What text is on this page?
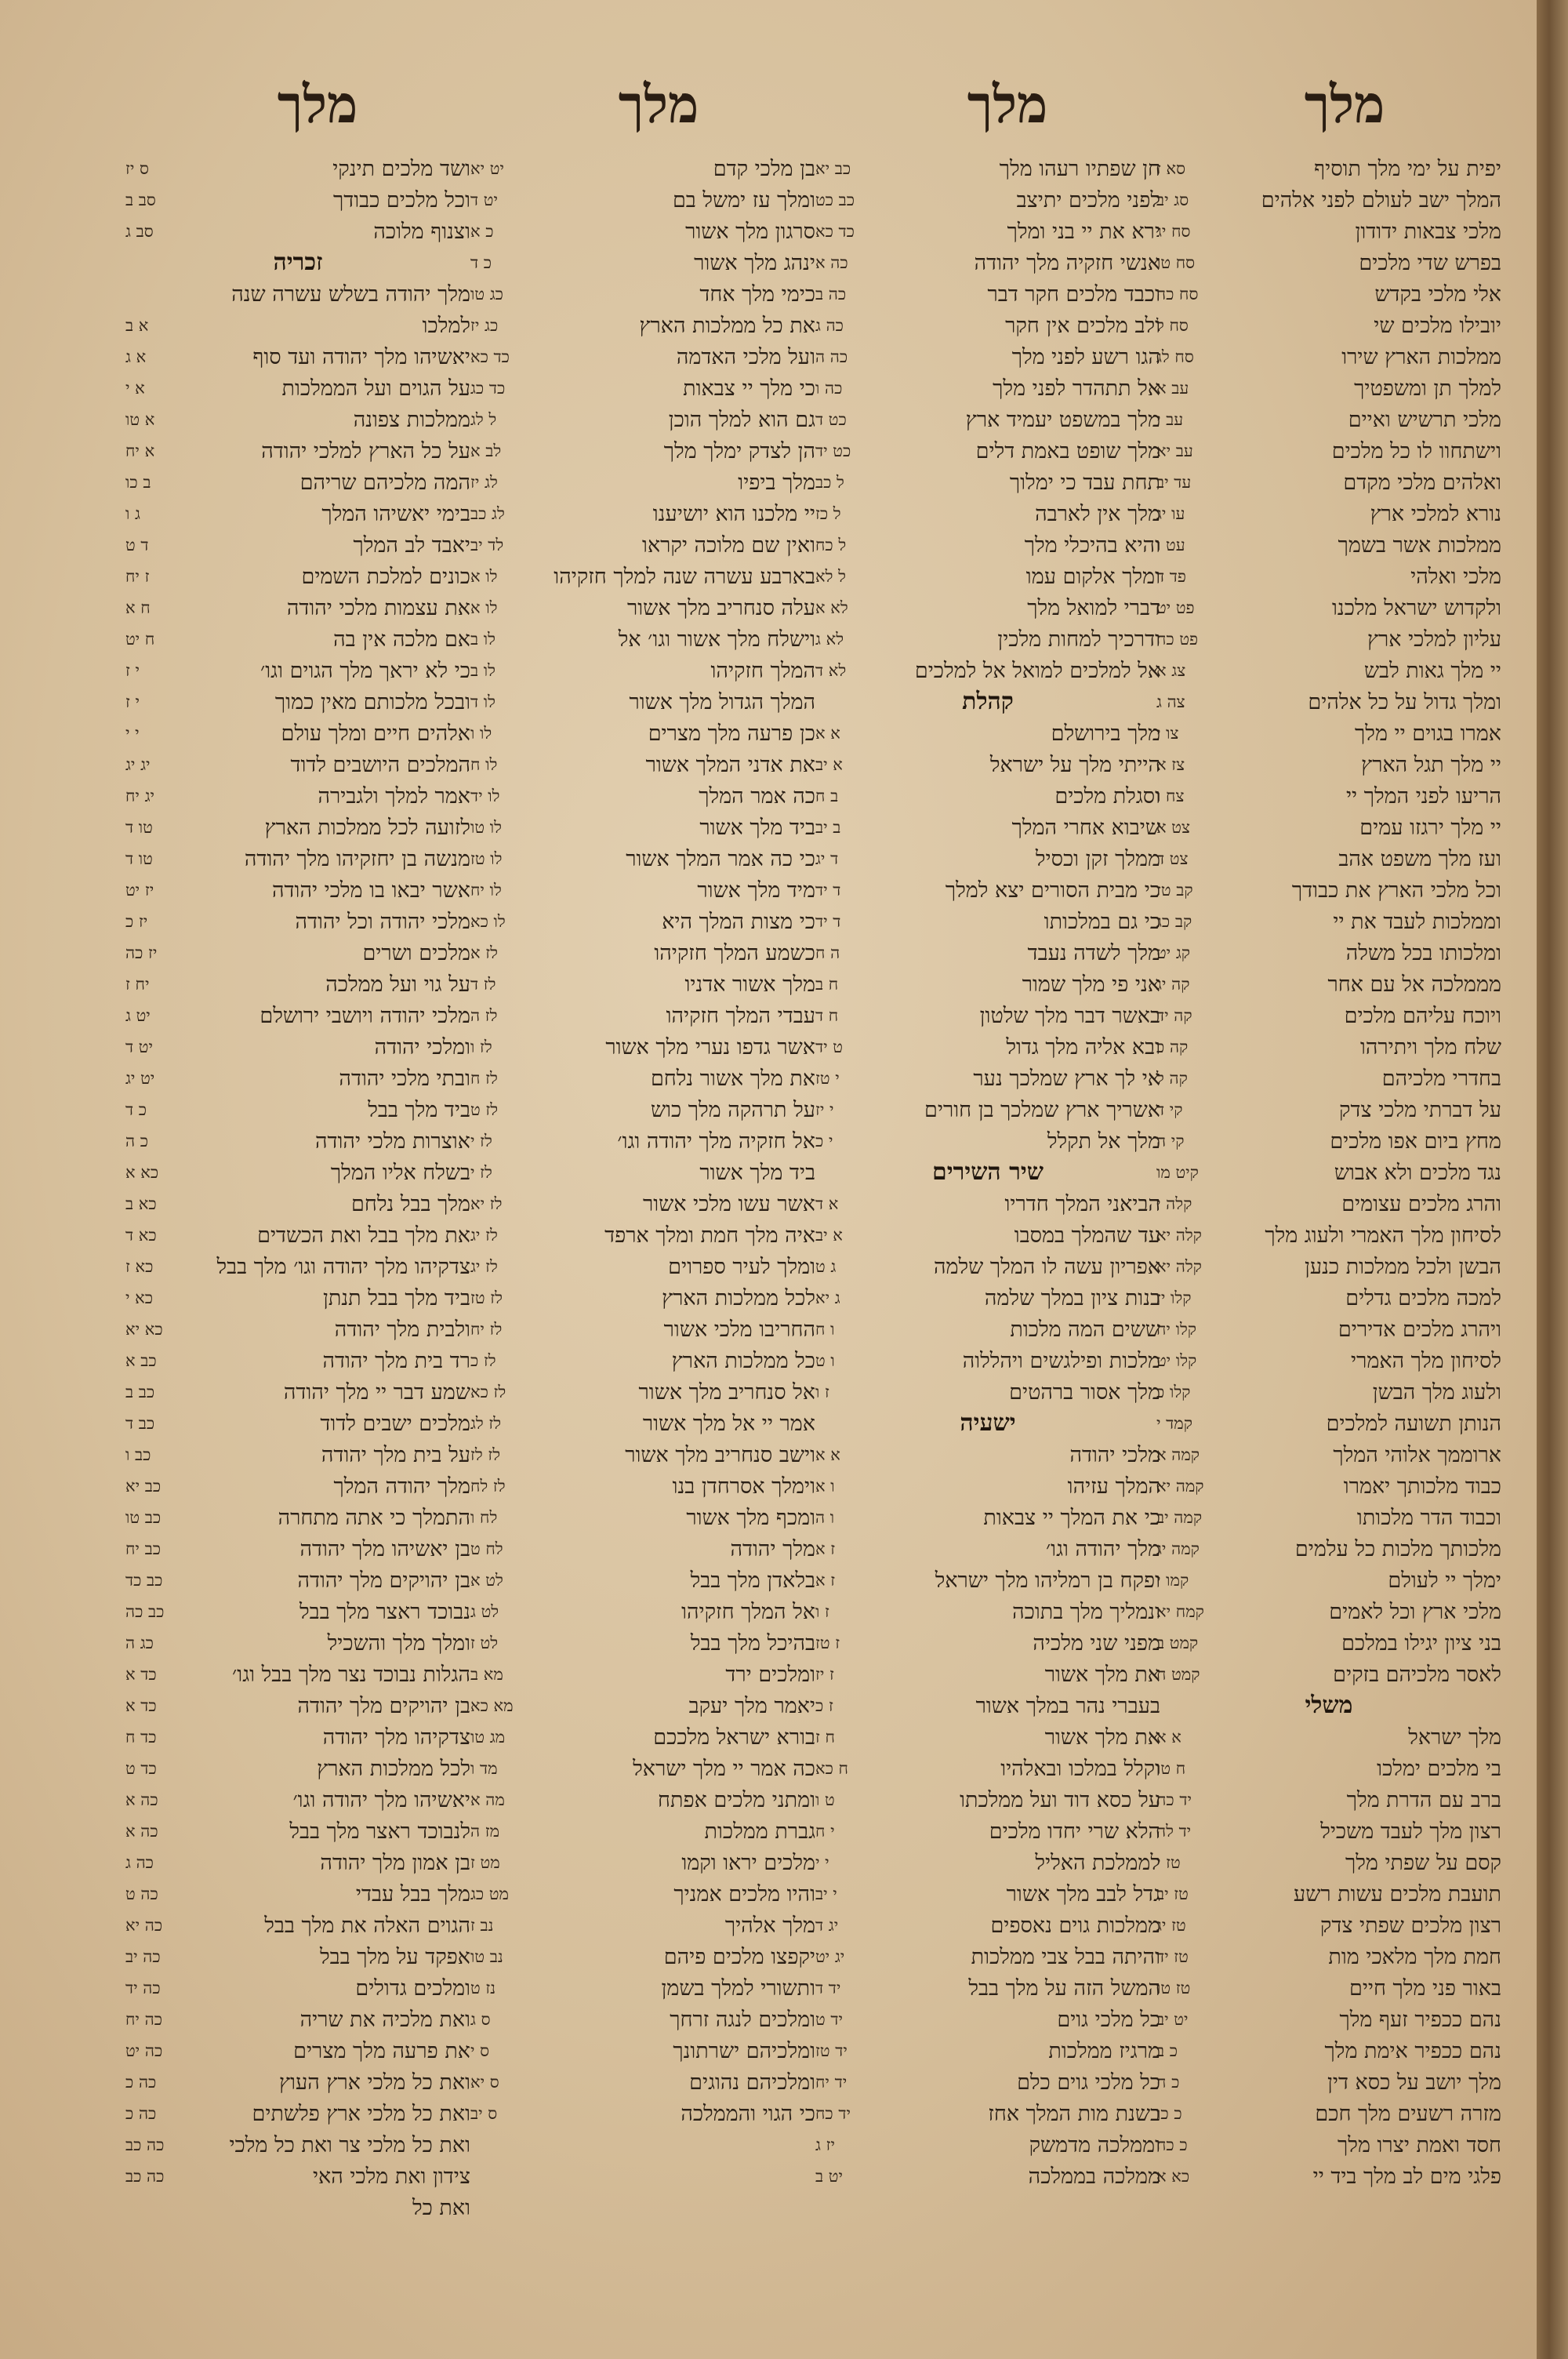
מלך
מלך
מלך
מלך
יפית על ימי מלך תוסיף
סא ז
המלך ישב לעולם לפני אלהים
סג יב
מלכי צבאות ידודון
סח יג
בפרש שדי מלכים
סח טו
אלי מלכי בקדש
סח כה
יובילו מלכים שי
סח ל
ממלכות הארץ שירו
סח לג
למלך תן ומשפטיך
עב א
מלכי תרשיש ואיים
עב י
וישתחוו לו כל מלכים
עב יא
ואלהים מלכי מקדם
עד יב
נורא למלכי ארץ
עו יג
ממלכות אשר בשמך
עט ו
מלכי ואלהי
פד ד
ולקדוש ישראל מלכנו
פט יט
עליון למלכי ארץ
פט כח
יי מלך גאות לבש
צג א
ומלך גדול על כל אלהים
צה ג
אמרו בגוים יי מלך
צו י
יי מלך תגל הארץ
צז א
הריעו לפני המלך יי
צח ו
יי מלך ירגזו עמים
צט א
ועז מלך משפט אהב
צט ד
וכל מלכי הארץ את כבודך
קב טז
וממלכות לעבד את יי
קב כג
ומלכותו בכל משלה
קג יט
מממלכה אל עם אחר
קה יג
ויוכח עליהם מלכים
קה יד
שלח מלך ויתירהו
קה כ
בחדרי מלכיהם
קה ל
על דברתי מלכי צדק
קי ד
מחץ ביום אפו מלכים
קי ה
נגד מלכים ולא אבוש
קיט מו
והרג מלכים עצומים
קלה י
לסיחון מלך האמרי ולעוג מלך
קלה יא
הבשן ולכל ממלכות כנען
קלה יא
למכה מלכים גדלים
קלו יז
ויהרג מלכים אדירים
קלו יח
לסיחון מלך האמרי
קלו יט
ולעוג מלך הבשן
קלו כ
הנותן תשועה למלכים
קמד י
ארוממך אלוהי המלך
קמה א
כבוד מלכותך יאמרו
קמה יא
וכבוד הדר מלכותו
קמה יב
מלכותך מלכות כל עלמים
קמה יג
ימלך יי לעולם
קמו י
מלכי ארץ וכל לאמים
קמח יא
בני ציון יגילו במלכם
קמט ב
לאסר מלכיהם בזקים
קמט ח
משלי
מלך ישראל
א א
בי מלכים ימלכו
ח טו
ברב עם הדרת מלך
יד כח
רצון מלך לעבד משכיל
יד לה
קסם על שפתי מלך
טז י
תועבת מלכים עשות רשע
טז יב
רצון מלכים שפתי צדק
טז יג
חמת מלך מלאכי מות
טז יד
באור פני מלך חיים
טז טו
נהם ככפיר זעף מלך
יט יב
נהם ככפיר אימת מלך
כ ב
מלך יושב על כסא דין
כ ח
מזרה רשעים מלך חכם
כ כו
חסד ואמת יצרו מלך
כ כח
פלגי מים לב מלך ביד יי
כא א
חן שפתיו רעהו מלך
כב יא
לפני מלכים יתיצב
כב כט
ירא את יי בני ומלך
כד כא
אנשי חזקיה מלך יהודה
כה א
וכבד מלכים חקר דבר
כה ב
ולב מלכים אין חקר
כה ג
הגו רשע לפני מלך
כה ה
אל תתהדר לפני מלך
כה ו
מלך במשפט יעמיד ארץ
כט ד
מלך שופט באמת דלים
כט יד
תחת עבד כי ימלוך
ל כב
מלך אין לארבה
ל כז
והיא בהיכלי מלך
ל כח
ומלך אלקום עמו
ל לא
דברי למואל מלך
לא א
ודרכיך למחות מלכין
לא ג
אל למלכים למואל אל למלכים
לא ד
קהלת
מלך בירושלם
א א
הייתי מלך על ישראל
א יב
וסגלת מלכים
ב ח
שיבוא אחרי המלך
ב יב
ממלך זקן וכסיל
ד יג
כי מבית הסורים יצא למלך
ד יד
כי גם במלכותו
ד יד
מלך לשדה נעבד
ה ח
אני פי מלך שמור
ח ב
באשר דבר מלך שלטון
ח ד
ובא אליה מלך גדול
ט יד
אי לך ארץ שמלכך נער
י טז
אשריך ארץ שמלכך בן חורים
י יז
מלך אל תקלל
י כ
שיר השירים
הביאני המלך חדריו
א ד
עד שהמלך במסבו
א יב
אפריון עשה לו המלך שלמה
ג ט
בנות ציון במלך שלמה
ג יא
ששים המה מלכות
ו ח
מלכות ופילגשים ויהללוה
ו ט
מלך אסור ברהטים
ז ו
ישעיה
מלכי יהודה
א א
המלך עזיהו
ו א
כי את המלך יי צבאות
ו ה
מלך יהודה וגו׳
ז א
ופקח בן רמליהו מלך ישראל
ז א
ונמליך מלך בתוכה
ז ו
מפני שני מלכיה
ז טז
את מלך אשור
ז יז
בעברי נהר במלך אשור
ז כ
את מלך אשור
ח ז
וקלל במלכו ובאלהיו
ח כא
על כסא דוד ועל ממלכתו
ט ו
הלא שרי יחדו מלכים
י ח
לממלכת האליל
י י
גדל לבב מלך אשור
י יב
ממלכות גוים נאספים
יג ד
והיתה בבל צבי ממלכות
יג יט
המשל הזה על מלך בבל
יד ד
כל מלכי גוים
יד ט
מרגיז ממלכות
יד טז
כל מלכי גוים כלם
יד יח
בשנת מות המלך אחז
יד כח
וממלכה מדמשק
יז ג
ממלכה בממלכה
יט ב
בן מלכי קדם
יט יא
ומלך עז ימשל בם
יט ד
סרגון מלך אשור
כ א
ינהג מלך אשור
כ ד
כימי מלך אחד
כג טו
את כל ממלכות הארץ
כג יז
ועל מלכי האדמה
כד כא
כי מלך יי צבאות
כד כג
גם הוא למלך הוכן
ל לג
הן לצדק ימלך מלך
לב א
מלך ביפיו
לג יז
יי מלכנו הוא יושיענו
לג כב
ואין שם מלוכה יקראו
לד יב
בארבע עשרה שנה למלך חזקיהו
לו א
עלה סנחריב מלך אשור
לו א
וישלח מלך אשור וגו׳ אל
לו ב
המלך חזקיהו
לו ב
המלך הגדול מלך אשור
לו ד
כן פרעה מלך מצרים
לו ו
את אדני המלך אשור
לו ח
כה אמר המלך
לו יד
ביד מלך אשור
לו טו
כי כה אמר המלך אשור
לו טז
מיד מלך אשור
לו יח
כי מצות המלך היא
לו כא
כשמע המלך חזקיהו
לז א
מלך אשור אדניו
לז ד
עבדי המלך חזקיהו
לז ה
אשר גדפו נערי מלך אשור
לז ו
את מלך אשור נלחם
לז ח
על תרהקה מלך כוש
לז ט
אל חזקיה מלך יהודה וגו׳
לז י
ביד מלך אשור
לז י
אשר עשו מלכי אשור
לז יא
איה מלך חמת ומלך ארפד
לז יג
ומלך לעיר ספרוים
לז יג
לכל ממלכות הארץ
לז טז
החריבו מלכי אשור
לז יח
כל ממלכות הארץ
לז כ
אל סנחריב מלך אשור
לז כא
אמר יי אל מלך אשור
לז לג
וישב סנחריב מלך אשור
לז לז
וימלך אסרחדן בנו
לז לח
ומכף מלך אשור
לח ו
מלך יהודה
לח ט
בלאדן מלך בבל
לט א
אל המלך חזקיהו
לט ג
בהיכל מלך בבל
לט ז
ומלכים ירד
מא ב
יאמר מלך יעקב
מא כא
בורא ישראל מלככם
מג טו
כה אמר יי מלך ישראל
מד ו
ומתני מלכים אפתח
מה א
גברת ממלכות
מז ה
מלכים יראו וקמו
מט ז
והיו מלכים אמניך
מט כג
מלך אלהיך
נב ז
יקפצו מלכים פיהם
נב טו
ותשורי למלך בשמן
נז ט
ומלכים לנגה זרחך
ס ג
ומלכיהם ישרתונך
ס י
ומלכיהם נהוגים
ס יא
כי הגוי והממלכה
ס יב
ושד מלכים תינקי
ס יז
וכל מלכים כבודך
סב ב
וצנוף מלוכה
סב ג
זכריה
מלך יהודה בשלש עשרה שנה
למלכו
א ב
יאשיהו מלך יהודה ועד סוף
א ג
על הגוים ועל הממלכות
א י
ממלכות צפונה
א טו
על כל הארץ למלכי יהודה
א יח
המה מלכיהם שריהם
ב כו
בימי יאשיהו המלך
ג ו
יאבד לב המלך
ד ט
כונים למלכת השמים
ז יח
את עצמות מלכי יהודה
ח א
אם מלכה אין בה
ח יט
כי לא יראך מלך הגוים וגו׳
י ז
ובכל מלכותם מאין כמוך
י ז
אלהים חיים ומלך עולם
י י
המלכים היושבים לדוד
יג יג
אמר למלך ולגבירה
יג יח
לזועה לכל ממלכות הארץ
טו ד
מנשה בן יחזקיהו מלך יהודה
טו ד
אשר יבאו בו מלכי יהודה
יז יט
מלכי יהודה וכל יהודה
יז כ
מלכים ושרים
יז כה
על גוי ועל ממלכה
יח ז
מלכי יהודה ויושבי ירושלם
יט ג
ומלכי יהודה
יט ד
ובתי מלכי יהודה
יט יג
ביד מלך בבל
כ ד
אוצרות מלכי יהודה
כ ה
בשלח אליו המלך
כא א
מלך בבל נלחם
כא ב
את מלך בבל ואת הכשדים
כא ד
צדקיהו מלך יהודה וגו׳ מלך בבל
כא ז
ביד מלך בבל תנתן
כא י
ולבית מלך יהודה
כא יא
רד בית מלך יהודה
כב א
שמע דבר יי מלך יהודה
כב ב
מלכים ישבים לדוד
כב ד
על בית מלך יהודה
כב ו
מלך יהודה המלך
כב יא
התמלך כי אתה מתחרה
כב טו
בן יאשיהו מלך יהודה
כב יח
בן יהויקים מלך יהודה
כב כד
נבוכד ראצר מלך בבל
כב כה
ומלך מלך והשכיל
כג ה
הגלות נבוכד נצר מלך בבל וגו׳
כד א
בן יהויקים מלך יהודה
כד א
צדקיהו מלך יהודה
כד ח
לכל ממלכות הארץ
כד ט
יאשיהו מלך יהודה וגו׳
כה א
לנבוכד ראצר מלך בבל
כה א
בן אמון מלך יהודה
כה ג
מלך בבל עבדי
כה ט
הגוים האלה את מלך בבל
כה יא
אפקד על מלך בבל
כה יב
ומלכים גדולים
כה יד
ואת מלכיה את שריה
כה יח
את פרעה מלך מצרים
כה יט
ואת כל מלכי ארץ העוץ
כה כ
ואת כל מלכי ארץ פלשתים
כה כ
ואת כל מלכי צר ואת כל מלכי
כה כב
צידון ואת מלכי האי
כה כב
ואת כל
